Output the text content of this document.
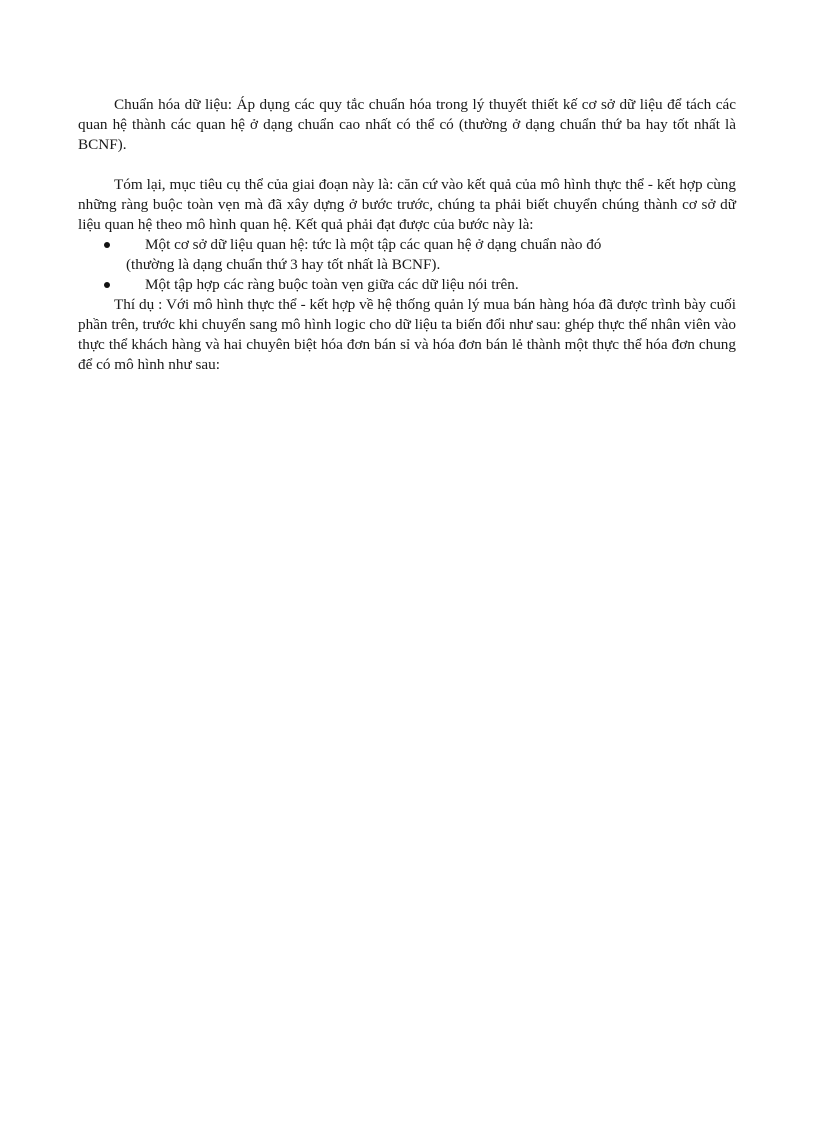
Chuẩn hóa dữ liệu: Áp dụng các quy tắc chuẩn hóa trong lý thuyết thiết kế cơ sở dữ liệu để tách các quan hệ thành các quan hệ ở dạng chuẩn cao nhất có thể có (thường ở dạng chuẩn thứ ba hay tốt nhất là BCNF).

Tóm lại, mục tiêu cụ thể của giai đoạn này là: căn cứ vào kết quả của mô hình thực thể - kết hợp cùng những ràng buộc toàn vẹn mà đã xây dựng ở bước trước, chúng ta phải biết chuyển chúng thành cơ sở dữ liệu quan hệ theo mô hình quan hệ. Kết quả phải đạt được của bước này là:

Một cơ sở dữ liệu quan hệ: tức là một tập các quan hệ ở dạng chuẩn nào đó
(thường là dạng chuẩn thứ 3 hay tốt nhất là BCNF).
Một tập hợp các ràng buộc toàn vẹn giữa các dữ liệu nói trên.

Thí dụ : Với mô hình thực thể - kết hợp về hệ thống quản lý mua bán hàng hóa đã được trình bày cuối phần trên, trước khi chuyển sang mô hình logic cho dữ liệu ta biến đổi như sau: ghép thực thể nhân viên vào thực thể khách hàng và hai chuyên biệt hóa đơn bán sỉ và hóa đơn bán lẻ thành một thực thể hóa đơn chung để có mô hình như sau:
